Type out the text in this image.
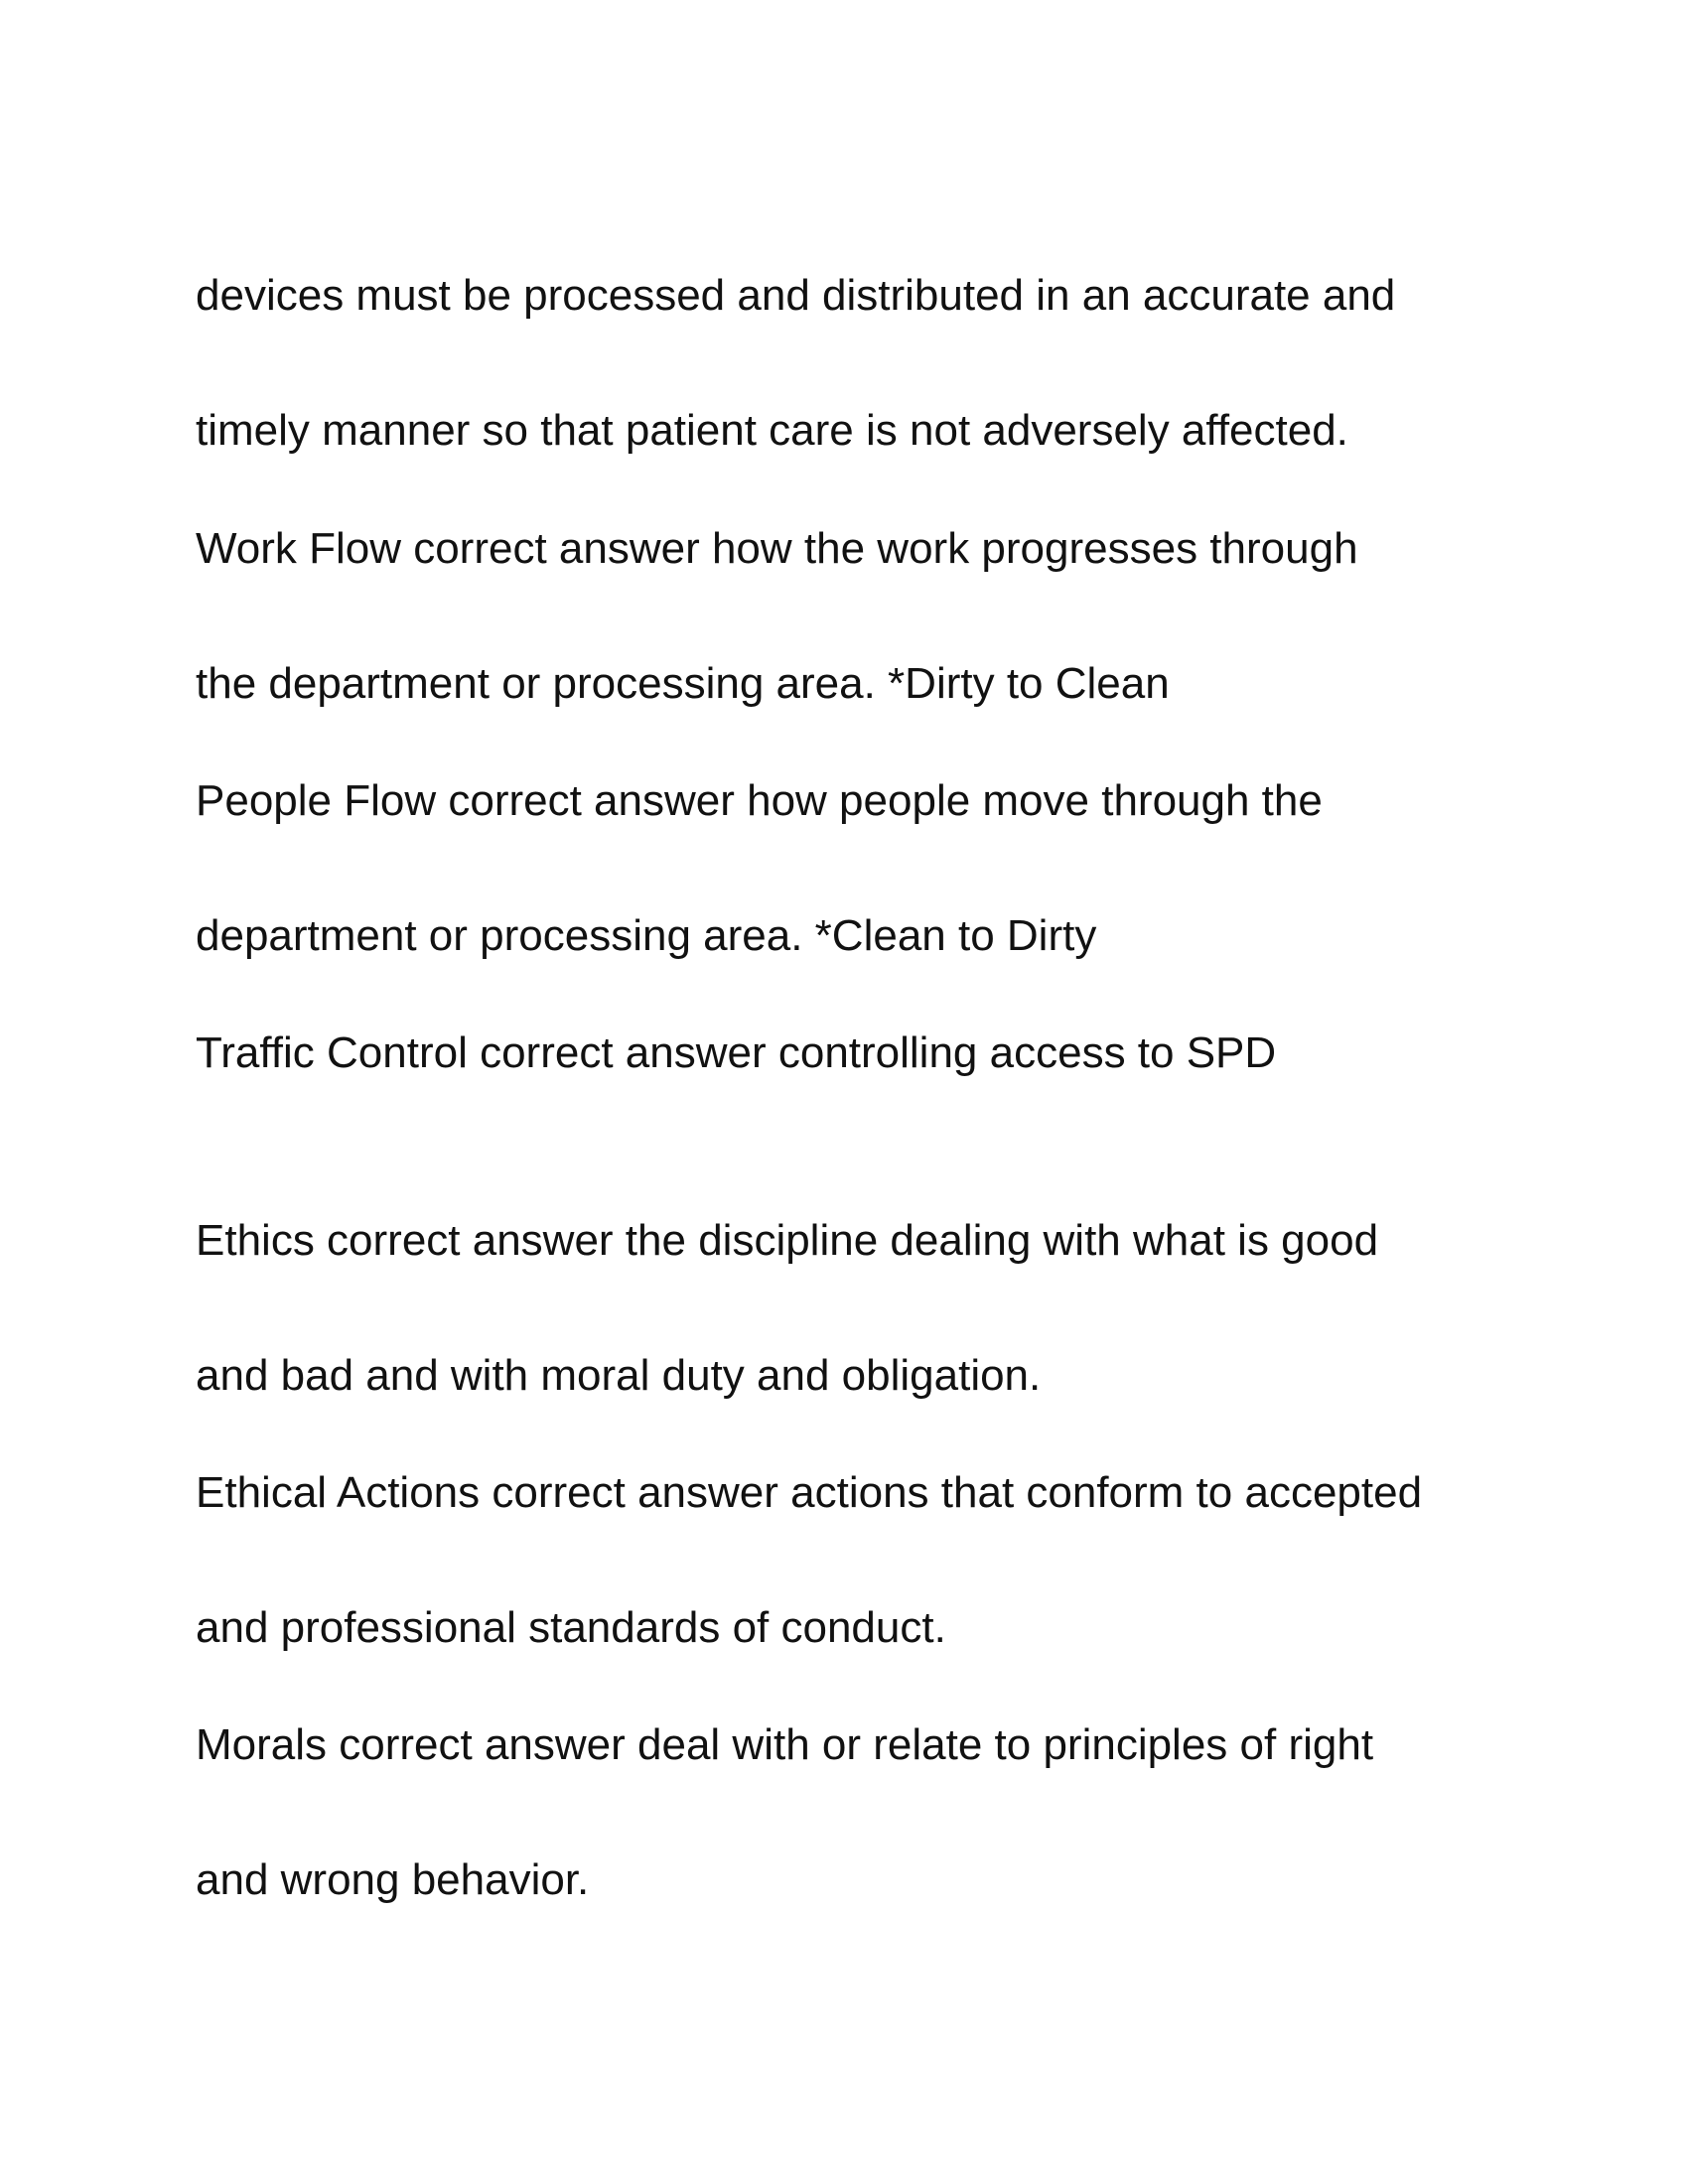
devices must be processed and distributed in an accurate and

timely manner so that patient care is not adversely affected.

Work Flow correct answer how the work progresses through

the department or processing area. *Dirty to Clean

People Flow correct answer how people move through the

department or processing area. *Clean to Dirty

Traffic Control correct answer controlling access to SPD

Ethics correct answer the discipline dealing with what is good

and bad and with moral duty and obligation.

Ethical Actions correct answer actions that conform to accepted

and professional standards of conduct.

Morals correct answer deal with or relate to principles of right

and wrong behavior.
